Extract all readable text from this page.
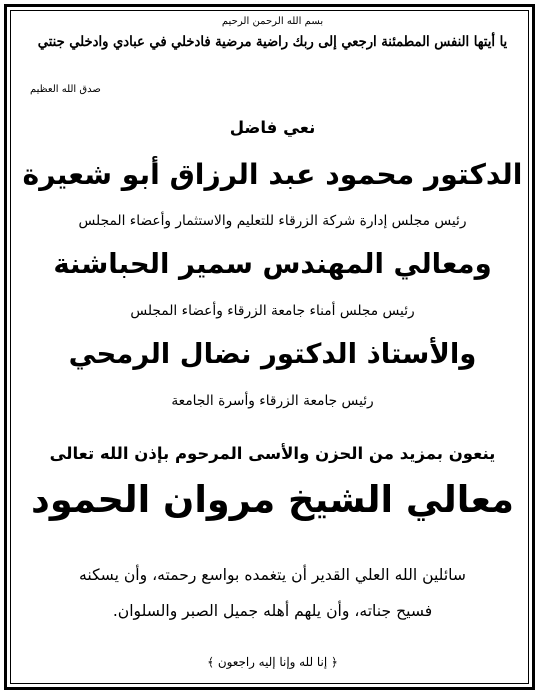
بسم الله الرحمن الرحيم
يا أيتها النفس المطمئنة ارجعي إلى ربك راضية مرضية فادخلي في عبادي وادخلي جنتي
صدق الله العظيم
نعي فاضل
الدكتور محمود عبد الرزاق أبو شعيرة
رئيس مجلس إدارة شركة الزرقاء للتعليم والاستثمار وأعضاء المجلس
ومعالي المهندس سمير الحباشنة
رئيس مجلس أمناء جامعة الزرقاء وأعضاء المجلس
والأستاذ الدكتور نضال الرمحي
رئيس جامعة الزرقاء وأسرة الجامعة
ينعون بمزيد من الحزن والأسى المرحوم بإذن الله تعالى
معالي الشيخ مروان الحمود
سائلين الله العلي القدير أن يتغمده بواسع رحمته، وأن يسكنه
فسيح جناته، وأن يلهم أهله جميل الصبر والسلوان.
﴿ إنا لله وإنا إليه راجعون ﴾
